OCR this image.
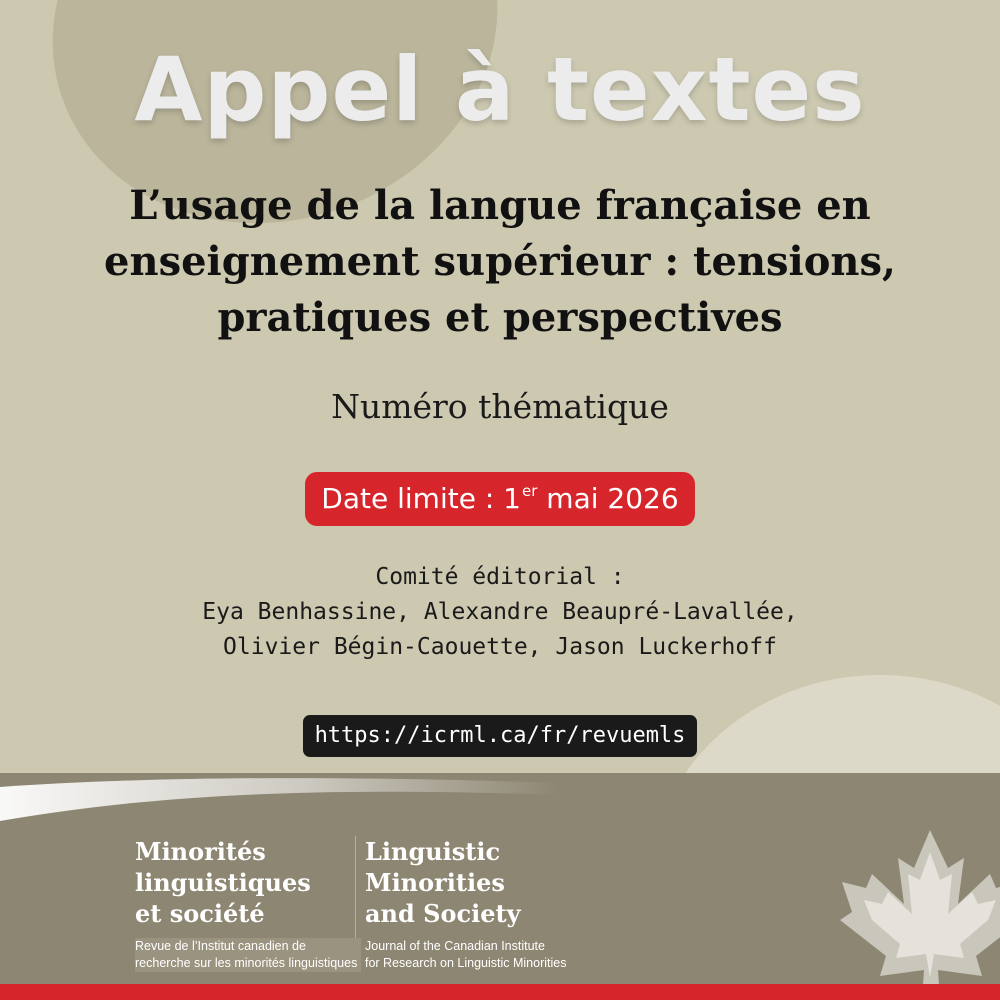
Appel à textes
L’usage de la langue française en enseignement supérieur : tensions, pratiques et perspectives
Numéro thématique
Date limite : 1er mai 2026
Comité éditorial :
Eya Benhassine, Alexandre Beaupré-Lavallée,
Olivier Bégin-Caouette, Jason Luckerhoff
https://icrml.ca/fr/revuemls
Minorités
linguistiques
et société
Revue de l’Institut canadien de
recherche sur les minorités linguistiques
Linguistic
Minorities
and Society
Journal of the Canadian Institute
for Research on Linguistic Minorities
